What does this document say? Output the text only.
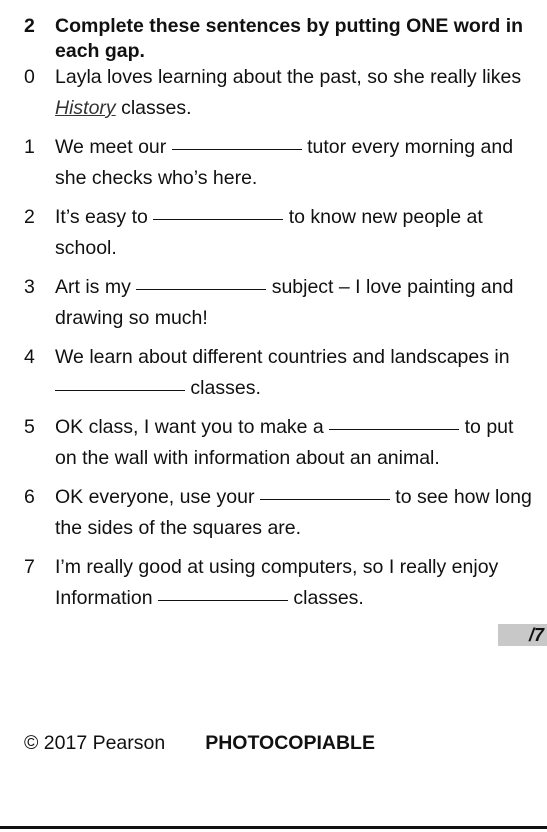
2	Complete these sentences by putting ONE word in each gap.
0	Layla loves learning about the past, so she really likes History classes.
1	We meet our	tutor every morning and she checks who’s here.
2	It’s easy to	to know new people at school.
3	Art is my	subject – I love painting and drawing so much!
4	We learn about different countries and landscapes in  classes.
5	OK class, I want you to make a	to put on the wall with information about an animal.
6	OK everyone, use your	to see how long the sides of the squares are.
7	I’m really good at using computers, so I really enjoy Information	classes.
/7
© 2017 Pearson PHOTOCOPIABLE
